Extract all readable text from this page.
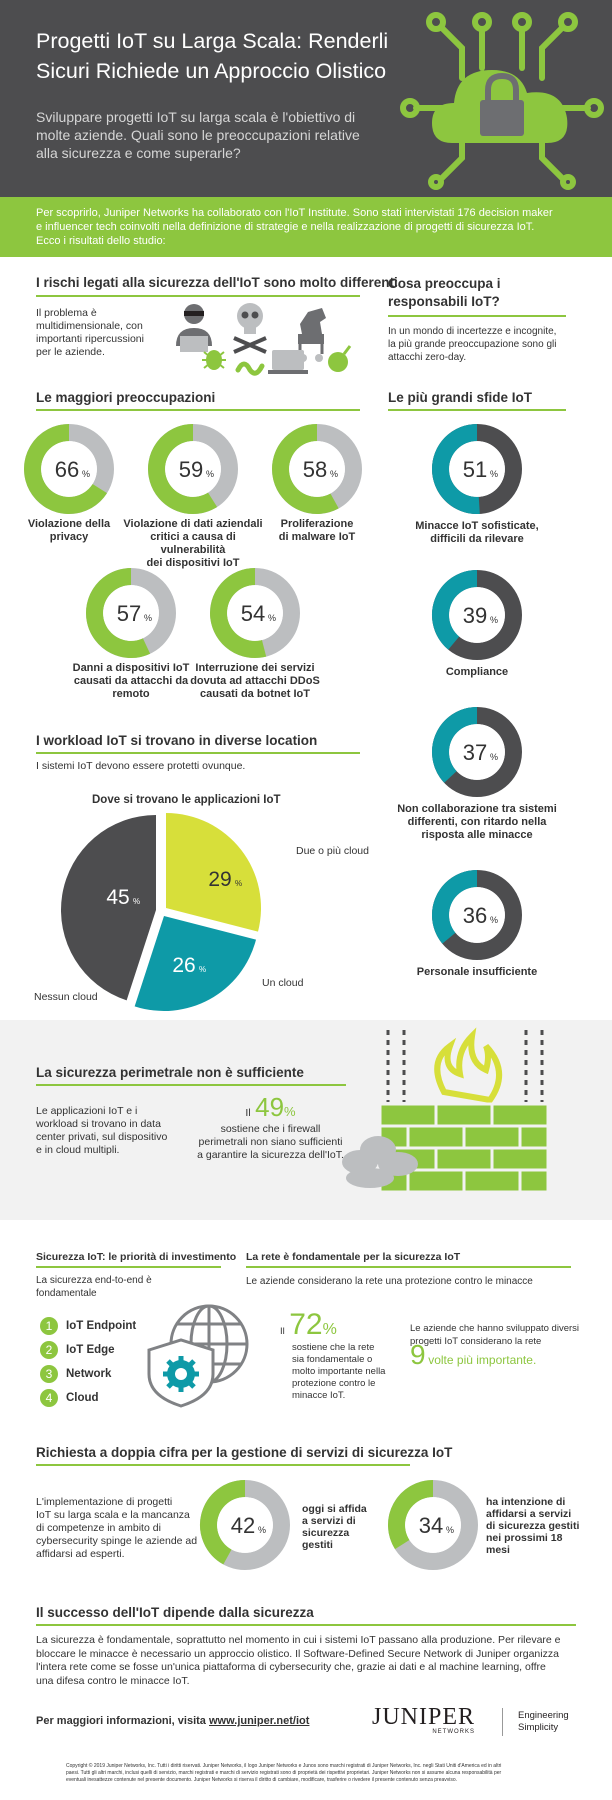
Progetti IoT su Larga Scala: Renderli
Sicuri Richiede un Approccio Olistico
Sviluppare progetti IoT su larga scala è l'obiettivo di
molte aziende. Quali sono le preoccupazioni relative
alla sicurezza e come superarle?
Per scoprirlo, Juniper Networks ha collaborato con l'IoT Institute. Sono stati intervistati 176 decision maker
e influencer tech coinvolti nella definizione di strategie e nella realizzazione di progetti di sicurezza IoT.
Ecco i risultati dello studio:
I rischi legati alla sicurezza dell'IoT sono molto differenti
Il problema è
multidimensionale, con
importanti ripercussioni
per le aziende.
Cosa preoccupa i
responsabili IoT?
In un mondo di incertezze e incognite,
la più grande preoccupazione sono gli
attacchi zero-day.
Le maggiori preoccupazioni	Le più grandi sfide IoT
66 %
Violazione della
privacy
59 %
Violazione di dati aziendali
critici a causa di vulnerabilità
dei dispositivi IoT
58 %
Proliferazione
di malware IoT
57 %
Danni a dispositivi IoT
causati da attacchi da
remoto
54 %
Interruzione dei servizi
dovuta ad attacchi DDoS
causati da botnet IoT
51 %
Minacce IoT sofisticate,
difficili da rilevare
39 %
Compliance
37 %
Non collaborazione tra sistemi
differenti, con ritardo nella
risposta alle minacce
36 %
Personale insufficiente
I workload IoT si trovano in diverse location
I sistemi IoT devono essere protetti ovunque.
Dove si trovano le applicazioni IoT
29 %
26 %
45 %
Due o più cloud
Un cloud
Nessun cloud
La sicurezza perimetrale non è sufficiente
Le applicazioni IoT e i
workload si trovano in data
center privati, sul dispositivo
e in cloud multipli.
Il 49%
sostiene che i firewall
perimetrali non siano sufficienti
a garantire la sicurezza dell'IoT.
Sicurezza IoT: le priorità di investimento
La sicurezza end-to-end è
fondamentale
1	IoT Endpoint
2	IoT Edge
3	Network
4	Cloud
La rete è fondamentale per la sicurezza IoT
Le aziende considerano la rete una protezione contro le minacce
Il 72%
sostiene che la rete
sia fondamentale o
molto importante nella
protezione contro le
minacce IoT.
Le aziende che hanno sviluppato diversi
progetti IoT considerano la rete
9 volte più importante.
Richiesta a doppia cifra per la gestione di servizi di sicurezza IoT
L'implementazione di progetti
IoT su larga scala e la mancanza
di competenze in ambito di
cybersecurity spinge le aziende ad
affidarsi ad esperti.
42 %	34 %
oggi si affida
a servizi di
sicurezza
gestiti
ha intenzione di
affidarsi a servizi
di sicurezza gestiti
nei prossimi 18
mesi
Il successo dell'IoT dipende dalla sicurezza
La sicurezza è fondamentale, soprattutto nel momento in cui i sistemi IoT passano alla produzione. Per rilevare e
bloccare le minacce è necessario un approccio olistico. Il Software-Defined Secure Network di Juniper organizza
l'intera rete come se fosse un'unica piattaforma di cybersecurity che, grazie ai dati e al machine learning, offre
una difesa contro le minacce IoT.
Per maggiori informazioni, visita www.juniper.net/iot	JUNIPER
NETWORKS
Engineering
Simplicity
Copyright © 2019 Juniper Networks, Inc. Tutti i diritti riservati. Juniper Networks, il logo Juniper Networks e Junos sono marchi registrati di Juniper Networks, Inc. negli Stati Uniti d'America ed in altri
paesi. Tutti gli altri marchi, inclusi quelli di servizio, marchi registrati e marchi di servizio registrati sono di proprietà dei rispettivi proprietari. Juniper Networks non si assume alcuna responsabilità per
eventuali inesattezze contenute nel presente documento. Juniper Networks si riserva il diritto di cambiare, modificare, trasferire o rivedere il presente contenuto senza preavviso.
